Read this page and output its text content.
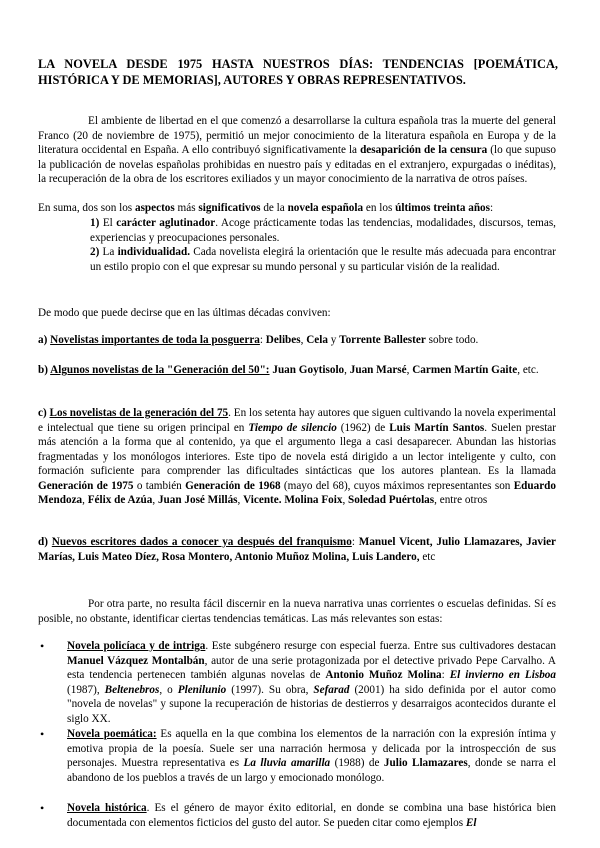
LA NOVELA DESDE 1975 HASTA NUESTROS DÍAS: TENDENCIAS [POEMÁTICA, HISTÓRICA Y DE MEMORIAS], AUTORES Y OBRAS REPRESENTATIVOS.
El ambiente de libertad en el que comenzó a desarrollarse la cultura española tras la muerte del general Franco (20 de noviembre de 1975), permitió un mejor conocimiento de la literatura española en Europa y de la literatura occidental en España. A ello contribuyó significativamente la desaparición de la censura (lo que supuso la publicación de novelas españolas prohibidas en nuestro país y editadas en el extranjero, expurgadas o inéditas), la recuperación de la obra de los escritores exiliados y un mayor conocimiento de la narrativa de otros países.
En suma, dos son los aspectos más significativos de la novela española en los últimos treinta años:
1) El carácter aglutinador. Acoge prácticamente todas las tendencias, modalidades, discursos, temas, experiencias y preocupaciones personales.
2) La individualidad. Cada novelista elegirá la orientación que le resulte más adecuada para encontrar un estilo propio con el que expresar su mundo personal y su particular visión de la realidad.
De modo que puede decirse que en las últimas décadas conviven:
a) Novelistas importantes de toda la posguerra: Delibes, Cela y Torrente Ballester sobre todo.
b) Algunos novelistas de la "Generación del 50": Juan Goytisolo, Juan Marsé, Carmen Martín Gaite, etc.
c) Los novelistas de la generación del 75. En los setenta hay autores que siguen cultivando la novela experimental e intelectual que tiene su origen principal en Tiempo de silencio (1962) de Luis Martín Santos. Suelen prestar más atención a la forma que al contenido, ya que el argumento llega a casi desaparecer. Abundan las historias fragmentadas y los monólogos interiores. Este tipo de novela está dirigido a un lector inteligente y culto, con formación suficiente para comprender las dificultades sintácticas que los autores plantean. Es la llamada Generación de 1975 o también Generación de 1968 (mayo del 68), cuyos máximos representantes son Eduardo Mendoza, Félix de Azúa, Juan José Millás, Vicente. Molina Foix, Soledad Puértolas, entre otros
d) Nuevos escritores dados a conocer ya después del franquismo: Manuel Vicent, Julio Llamazares, Javier Marías, Luis Mateo Díez, Rosa Montero, Antonio Muñoz Molina, Luis Landero, etc
Por otra parte, no resulta fácil discernir en la nueva narrativa unas corrientes o escuelas definidas. Sí es posible, no obstante, identificar ciertas tendencias temáticas. Las más relevantes son estas:
• Novela policíaca y de intriga. Este subgénero resurge con especial fuerza. Entre sus cultivadores destacan Manuel Vázquez Montalbán, autor de una serie protagonizada por el detective privado Pepe Carvalho. A esta tendencia pertenecen también algunas novelas de Antonio Muñoz Molina: El invierno en Lisboa (1987), Beltenebros, o Plenilunio (1997). Su obra, Sefarad (2001) ha sido definida por el autor como "novela de novelas" y supone la recuperación de historias de destierros y desarraigos acontecidos durante el siglo XX.
• Novela poemática: Es aquella en la que combina los elementos de la narración con la expresión íntima y emotiva propia de la poesía. Suele ser una narración hermosa y delicada por la introspección de sus personajes. Muestra representativa es La lluvia amarilla (1988) de Julio Llamazares, donde se narra el abandono de los pueblos a través de un largo y emocionado monólogo.
• Novela histórica. Es el género de mayor éxito editorial, en donde se combina una base histórica bien documentada con elementos ficticios del gusto del autor. Se pueden citar como ejemplos El
